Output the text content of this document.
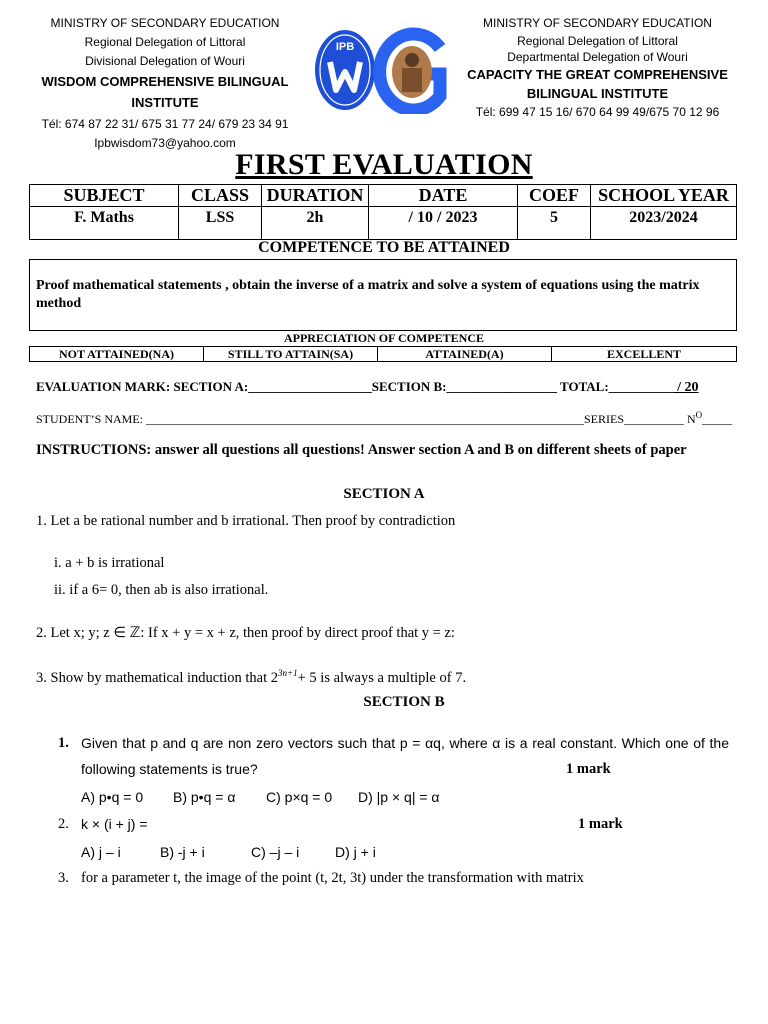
MINISTRY OF SECONDARY EDUCATION
Regional Delegation of Littoral
Divisional Delegation of Wouri
WISDOM COMPREHENSIVE BILINGUAL
INSTITUTE
Tél: 674 87 22 31/ 675 31 77 24/ 679 23 34 91
Ipbwisdom73@yahoo.com
IPB
MINISTRY OF SECONDARY EDUCATION
Regional Delegation of Littoral
Departmental Delegation of Wouri
CAPACITY THE GREAT COMPREHENSIVE
BILINGUAL INSTITUTE
Tél: 699 47 15 16/ 670 64 99 49/675 70 12 96
FIRST EVALUATION
SUBJECT	CLASS	DURATION	DATE	COEF	SCHOOL YEAR
F. Maths	LSS	2h	/ 10 / 2023	5	2023/2024
COMPETENCE TO BE ATTAINED
Proof mathematical statements , obtain the inverse of a matrix and solve a system of equations using the matrix method
APPRECIATION OF COMPETENCE
NOT ATTAINED(NA)	STILL TO ATTAIN(SA)	ATTAINED(A)	EXCELLENT
EVALUATION MARK: SECTION A:___________________SECTION B:_________________ TOTAL:__________ / 20
STUDENT’S NAME: _________________________________________________________________________SERIES__________ $N^O\_\_\_\_\_$
INSTRUCTIONS: answer all questions all questions! Answer section A and B on different sheets of paper
SECTION A
1. Let a be rational number and b irrational. Then proof by contradiction
i. a + b is irrational
ii. if a 6= 0, then ab is also irrational.
2. Let x; y; z ∈ ℤ: If x + y = x + z, then proof by direct proof that y = z:
3. Show by mathematical induction that $2^{3n+1}+ 5$ is always a multiple of 7.
SECTION B
1. Given that p and q are non zero vectors such that p = αq, where α is a real constant. Which one of the
following statements is true?	1 mark
A) p•q = 0 B) p•q = α C) p×q = 0 D) |p × q| = α
2. k × (i + j) =	1 mark
A) j – i	B) -j + i	C) –j – i	D) j + i
3. for a parameter t, the image of the point (t, 2t, 3t) under the transformation with matrix
